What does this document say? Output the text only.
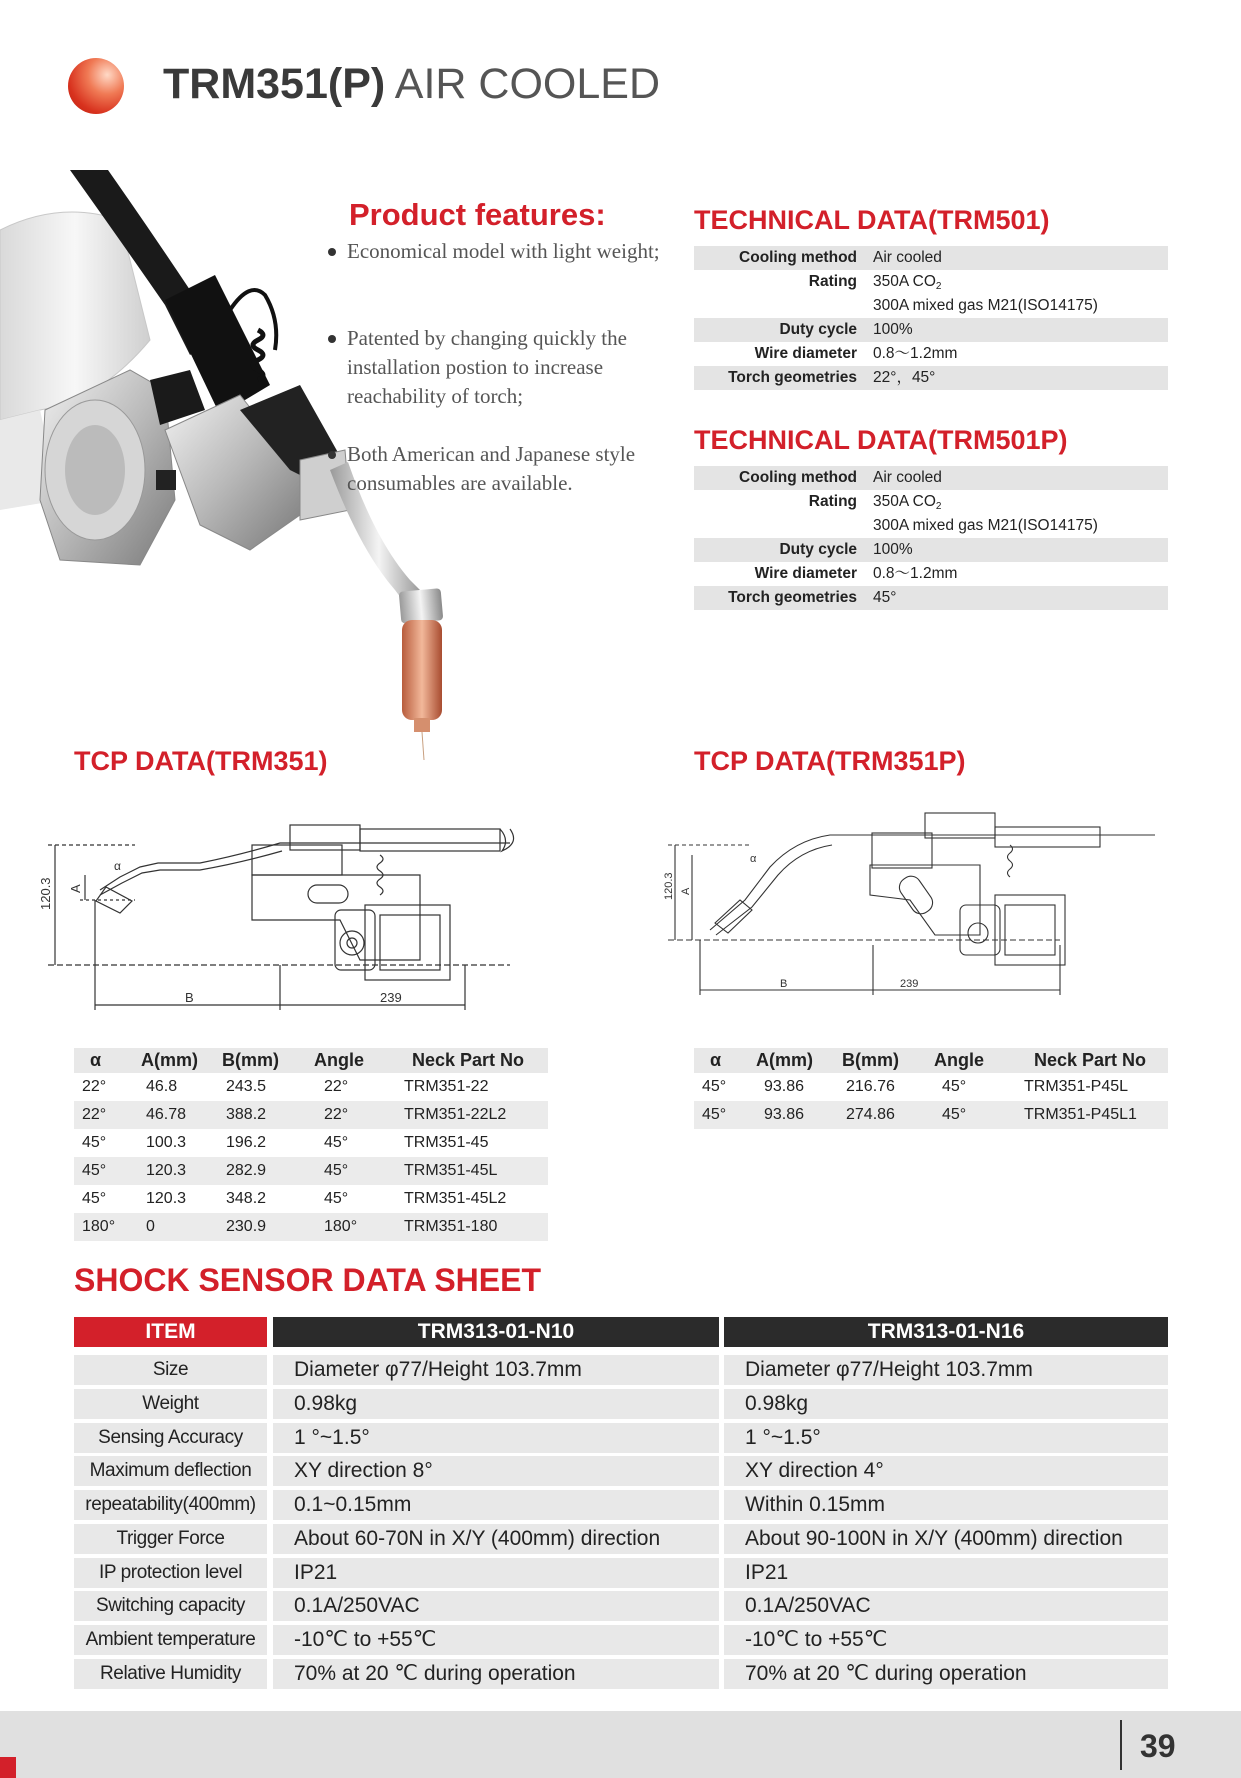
TRM351(P) AIR COOLED
Product features:
Economical model with light weight;
Patented by changing quickly the installation postion to increase reachability of torch;
Both American and Japanese style consumables are available.
TECHNICAL DATA(TRM501)
Cooling method	Air cooled
Rating	350A $CO_2$
300A mixed gas M21(ISO14175)
Duty cycle	100%
Wire diameter	0.8～1.2mm
Torch geometries	22°，45°
TECHNICAL DATA(TRM501P)
Cooling method	Air cooled
Rating	350A $CO_2$
300A mixed gas M21(ISO14175)
Duty cycle	100%
Wire diameter	0.8～1.2mm
Torch geometries	45°
TCP DATA(TRM351)	TCP DATA(TRM351P)
120.3 A
α
B	239
120.3 A
α
B	239
α A(mm) B(mm) Angle	Neck Part No
22° 46.8	243.5	22°	TRM351-22
22° 46.78 388.2	22°	TRM351-22L2
45° 100.3 196.2	45°	TRM351-45
45° 120.3 282.9	45°	TRM351-45L
45° 120.3 348.2	45°	TRM351-45L2
180° 0	230.9	180°	TRM351-180
α A(mm) B(mm) Angle	Neck Part No
45° 93.86	216.76	45°	TRM351-P45L
45° 93.86	274.86	45°	TRM351-P45L1
SHOCK SENSOR DATA SHEET
ITEM	TRM313-01-N10	TRM313-01-N16
Size	Diameter φ77/Height 103.7mm	Diameter φ77/Height 103.7mm
Weight	0.98kg	0.98kg
Sensing Accuracy	1 °~1.5°	1 °~1.5°
Maximum deflection	XY direction 8°	XY direction 4°
repeatability(400mm)	0.1~0.15mm	Within 0.15mm
Trigger Force	About 60-70N in X/Y (400mm) direction	About 90-100N in X/Y (400mm) direction
IP protection level	IP21	IP21
Switching capacity	0.1A/250VAC	0.1A/250VAC
Ambient temperature	-10℃ to +55℃	-10℃ to +55℃
Relative Humidity	70% at 20 ℃ during operation	70% at 20 ℃ during operation
39
